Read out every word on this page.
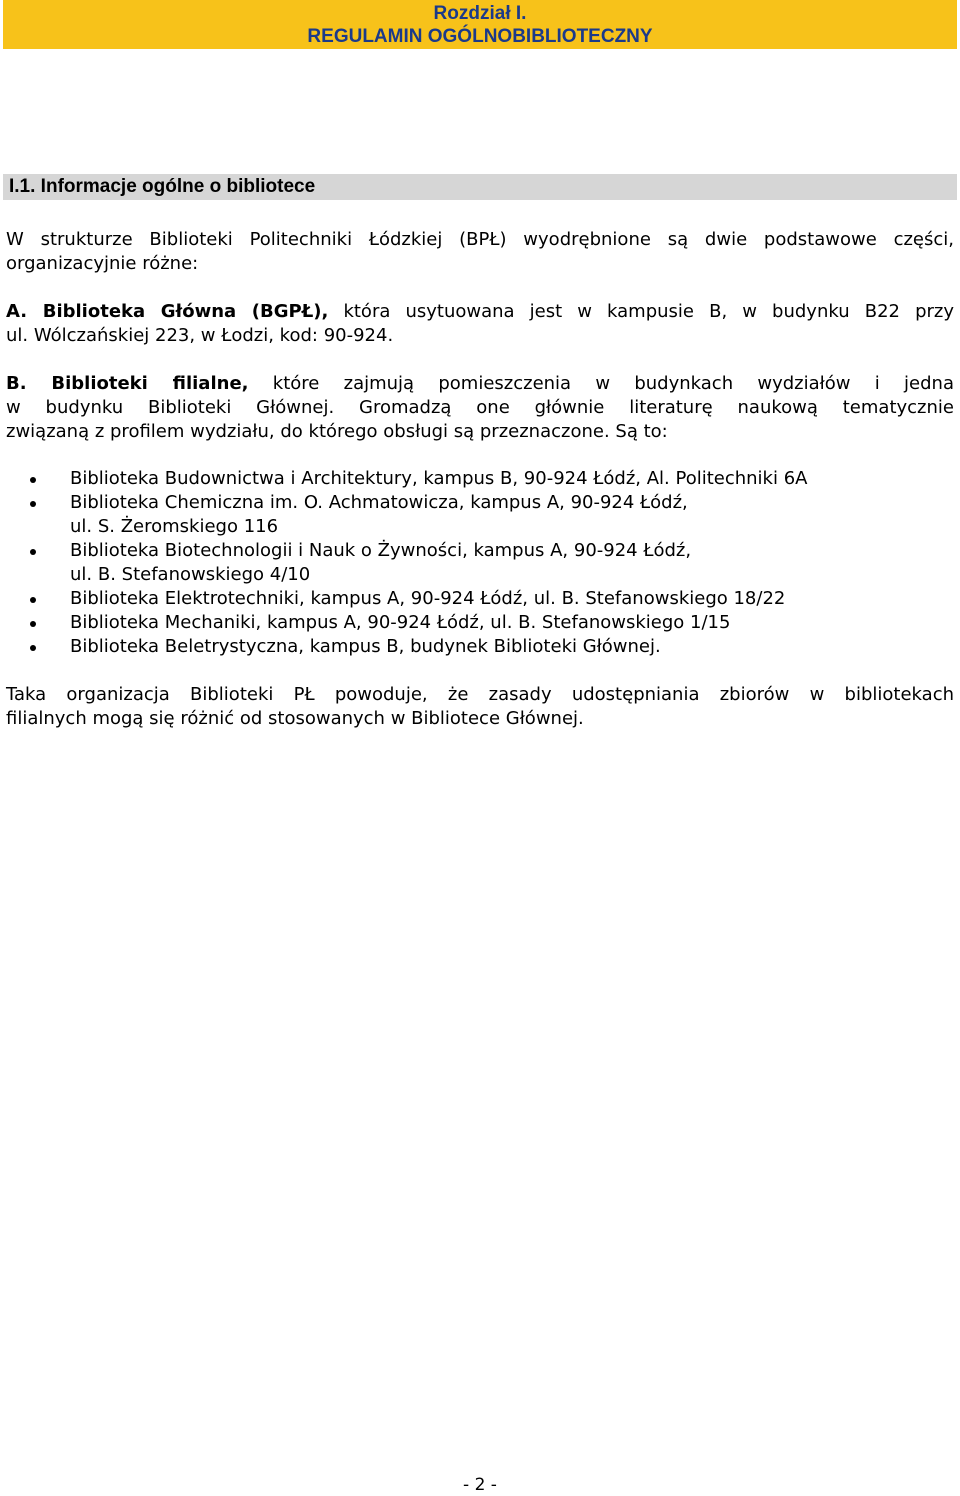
Rozdział I.
REGULAMIN OGÓLNOBIBLIOTECZNY
I.1. Informacje ogólne o bibliotece
W strukturze Biblioteki Politechniki Łódzkiej (BPŁ) wyodrębnione są dwie podstawowe części,
organizacyjnie różne:
A. Biblioteka Główna (BGPŁ), która usytuowana jest w kampusie B, w budynku B22 przy
ul. Wólczańskiej 223, w Łodzi, kod: 90-924.
B. Biblioteki filialne, które zajmują pomieszczenia w budynkach wydziałów i jedna
w budynku Biblioteki Głównej. Gromadzą one głównie literaturę naukową tematycznie
związaną z profilem wydziału, do którego obsługi są przeznaczone. Są to:
Biblioteka Budownictwa i Architektury, kampus B, 90-924 Łódź, Al. Politechniki 6A
Biblioteka Chemiczna im. O. Achmatowicza, kampus A, 90-924 Łódź,
ul. S. Żeromskiego 116
Biblioteka Biotechnologii i Nauk o Żywności, kampus A, 90-924 Łódź,
ul. B. Stefanowskiego 4/10
Biblioteka Elektrotechniki, kampus A, 90-924 Łódź, ul. B. Stefanowskiego 18/22
Biblioteka Mechaniki, kampus A, 90-924 Łódź, ul. B. Stefanowskiego 1/15
Biblioteka Beletrystyczna, kampus B, budynek Biblioteki Głównej.
Taka organizacja Biblioteki PŁ powoduje, że zasady udostępniania zbiorów w bibliotekach
filialnych mogą się różnić od stosowanych w Bibliotece Głównej.
- 2 -
